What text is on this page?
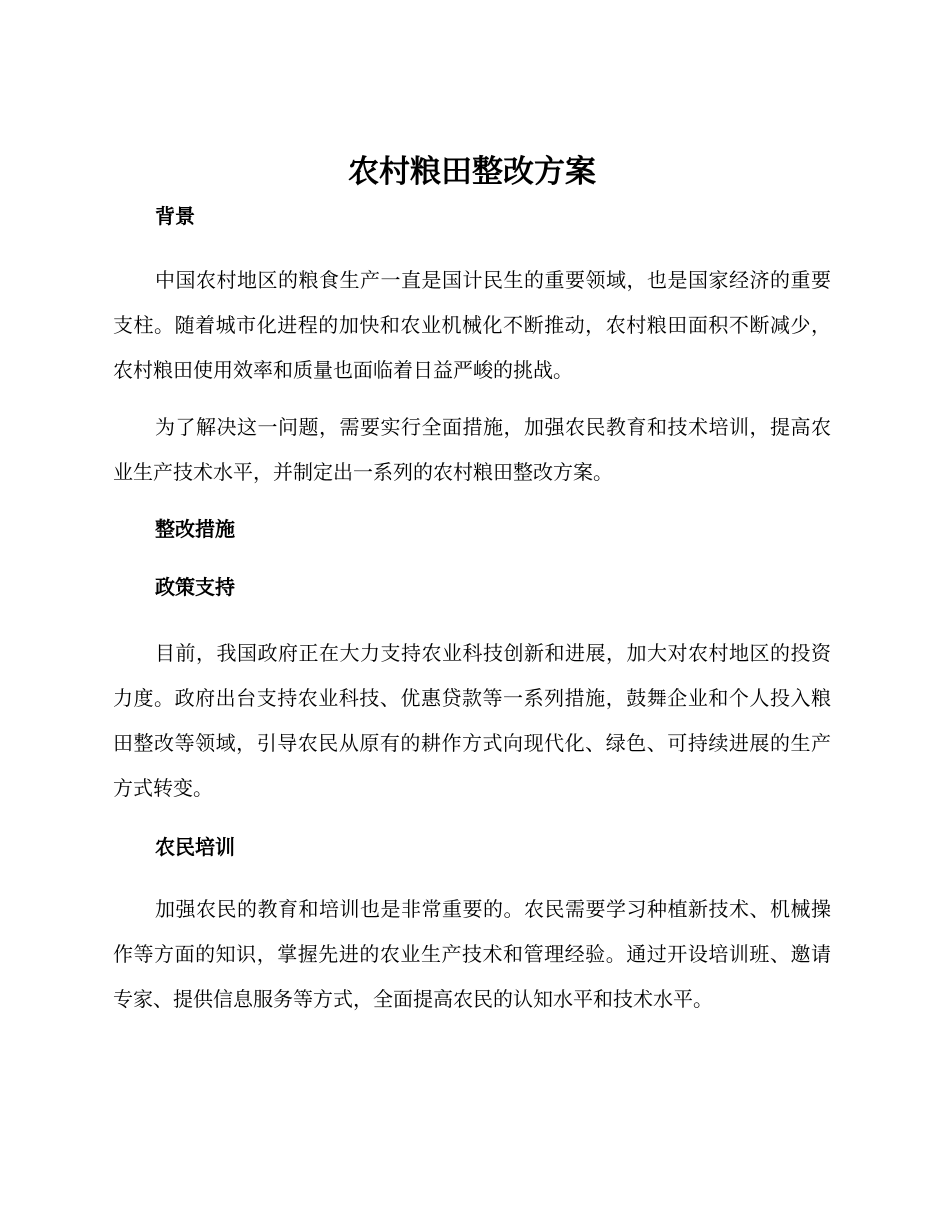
农村粮田整改方案
背景

中国农村地区的粮食生产一直是国计民生的重要领域，也是国家经济的重要支柱。随着城市化进程的加快和农业机械化不断推动，农村粮田面积不断减少，农村粮田使用效率和质量也面临着日益严峻的挑战。

为了解决这一问题，需要实行全面措施，加强农民教育和技术培训，提高农业生产技术水平，并制定出一系列的农村粮田整改方案。

整改措施
政策支持

目前，我国政府正在大力支持农业科技创新和进展，加大对农村地区的投资力度。政府出台支持农业科技、优惠贷款等一系列措施，鼓舞企业和个人投入粮田整改等领域，引导农民从原有的耕作方式向现代化、绿色、可持续进展的生产方式转变。

农民培训

加强农民的教育和培训也是非常重要的。农民需要学习种植新技术、机械操作等方面的知识，掌握先进的农业生产技术和管理经验。通过开设培训班、邀请专家、提供信息服务等方式，全面提高农民的认知水平和技术水平。
